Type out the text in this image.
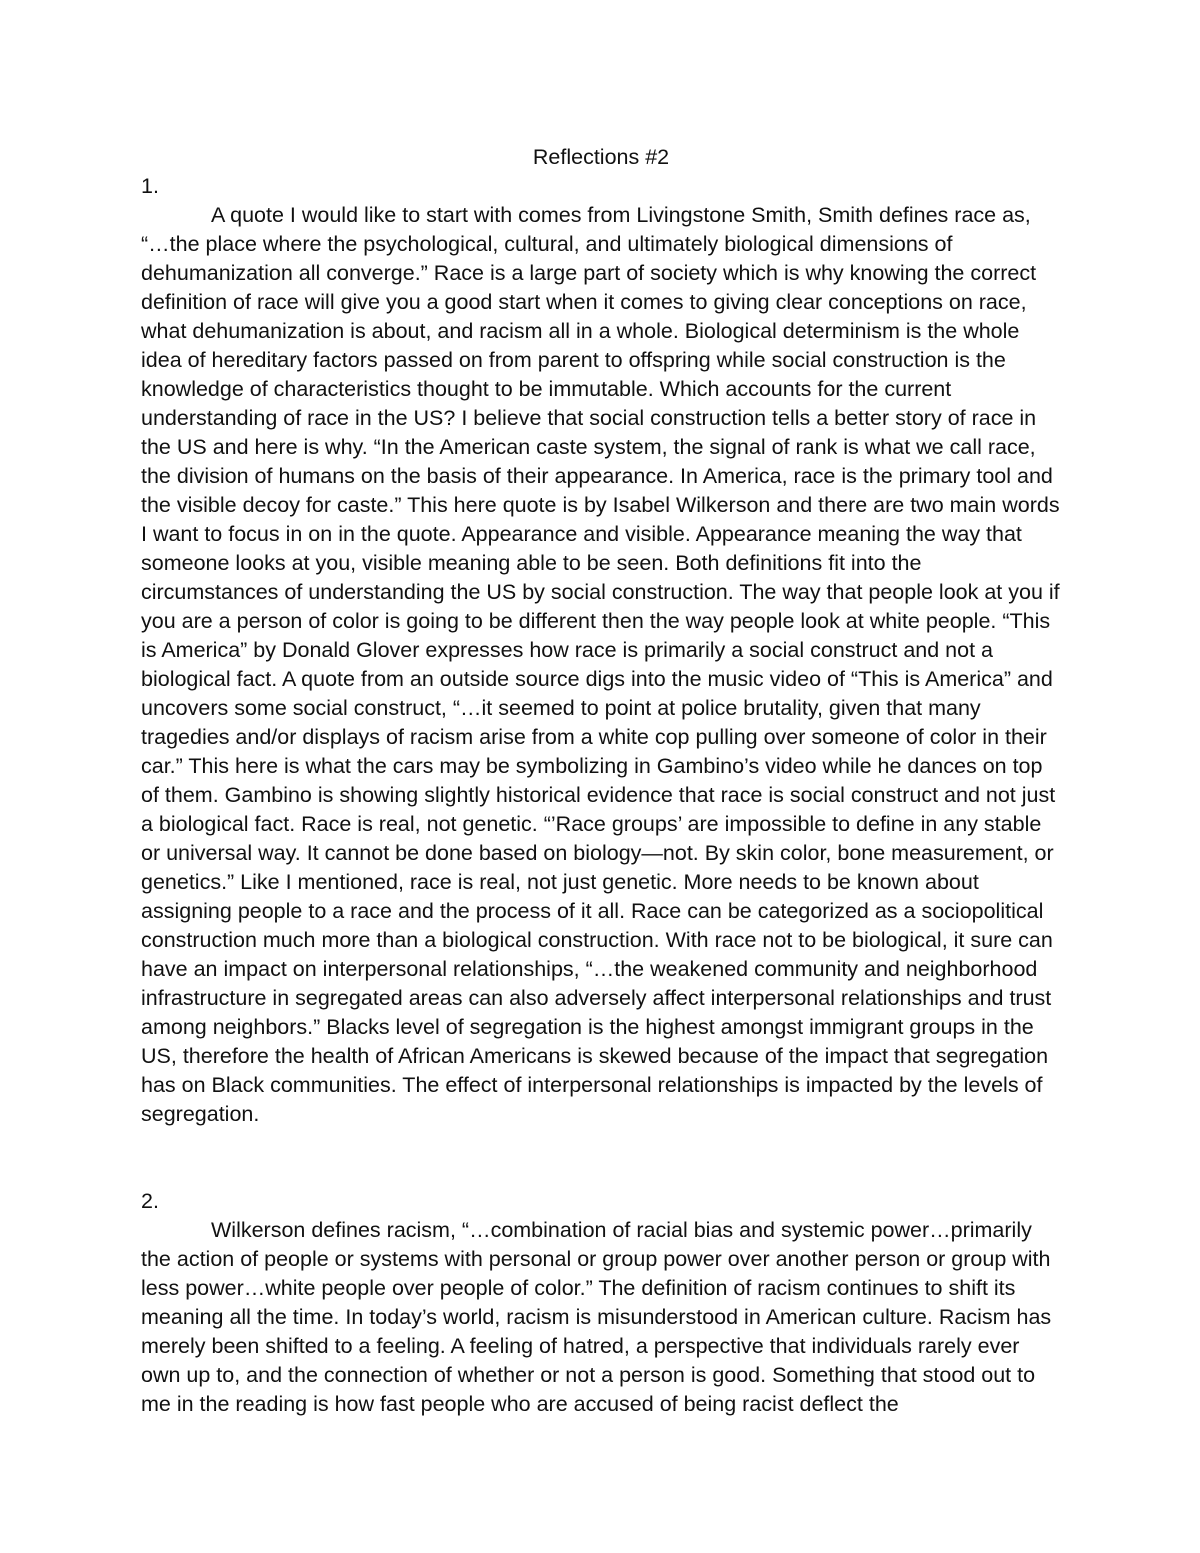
Reflections #2

1.

A quote I would like to start with comes from Livingstone Smith, Smith defines race as, “…the place where the psychological, cultural, and ultimately biological dimensions of dehumanization all converge.” Race is a large part of society which is why knowing the correct definition of race will give you a good start when it comes to giving clear conceptions on race, what dehumanization is about, and racism all in a whole. Biological determinism is the whole idea of hereditary factors passed on from parent to offspring while social construction is the knowledge of characteristics thought to be immutable. Which accounts for the current understanding of race in the US? I believe that social construction tells a better story of race in the US and here is why. “In the American caste system, the signal of rank is what we call race, the division of humans on the basis of their appearance. In America, race is the primary tool and the visible decoy for caste.” This here quote is by Isabel Wilkerson and there are two main words I want to focus in on in the quote. Appearance and visible. Appearance meaning the way that someone looks at you, visible meaning able to be seen. Both definitions fit into the circumstances of understanding the US by social construction. The way that people look at you if you are a person of color is going to be different then the way people look at white people. “This is America” by Donald Glover expresses how race is primarily a social construct and not a biological fact. A quote from an outside source digs into the music video of “This is America” and uncovers some social construct, “…it seemed to point at police brutality, given that many tragedies and/or displays of racism arise from a white cop pulling over someone of color in their car.” This here is what the cars may be symbolizing in Gambino’s video while he dances on top of them. Gambino is showing slightly historical evidence that race is social construct and not just a biological fact. Race is real, not genetic. “’Race groups’ are impossible to define in any stable or universal way. It cannot be done based on biology—not. By skin color, bone measurement, or genetics.” Like I mentioned, race is real, not just genetic. More needs to be known about assigning people to a race and the process of it all. Race can be categorized as a sociopolitical construction much more than a biological construction. With race not to be biological, it sure can have an impact on interpersonal relationships, “…the weakened community and neighborhood infrastructure in segregated areas can also adversely affect interpersonal relationships and trust among neighbors.” Blacks level of segregation is the highest amongst immigrant groups in the US, therefore the health of African Americans is skewed because of the impact that segregation has on Black communities. The effect of interpersonal relationships is impacted by the levels of segregation.

2.

Wilkerson defines racism, “…combination of racial bias and systemic power…primarily the action of people or systems with personal or group power over another person or group with less power…white people over people of color.” The definition of racism continues to shift its meaning all the time. In today’s world, racism is misunderstood in American culture. Racism has merely been shifted to a feeling. A feeling of hatred, a perspective that individuals rarely ever own up to, and the connection of whether or not a person is good. Something that stood out to me in the reading is how fast people who are accused of being racist deflect the
